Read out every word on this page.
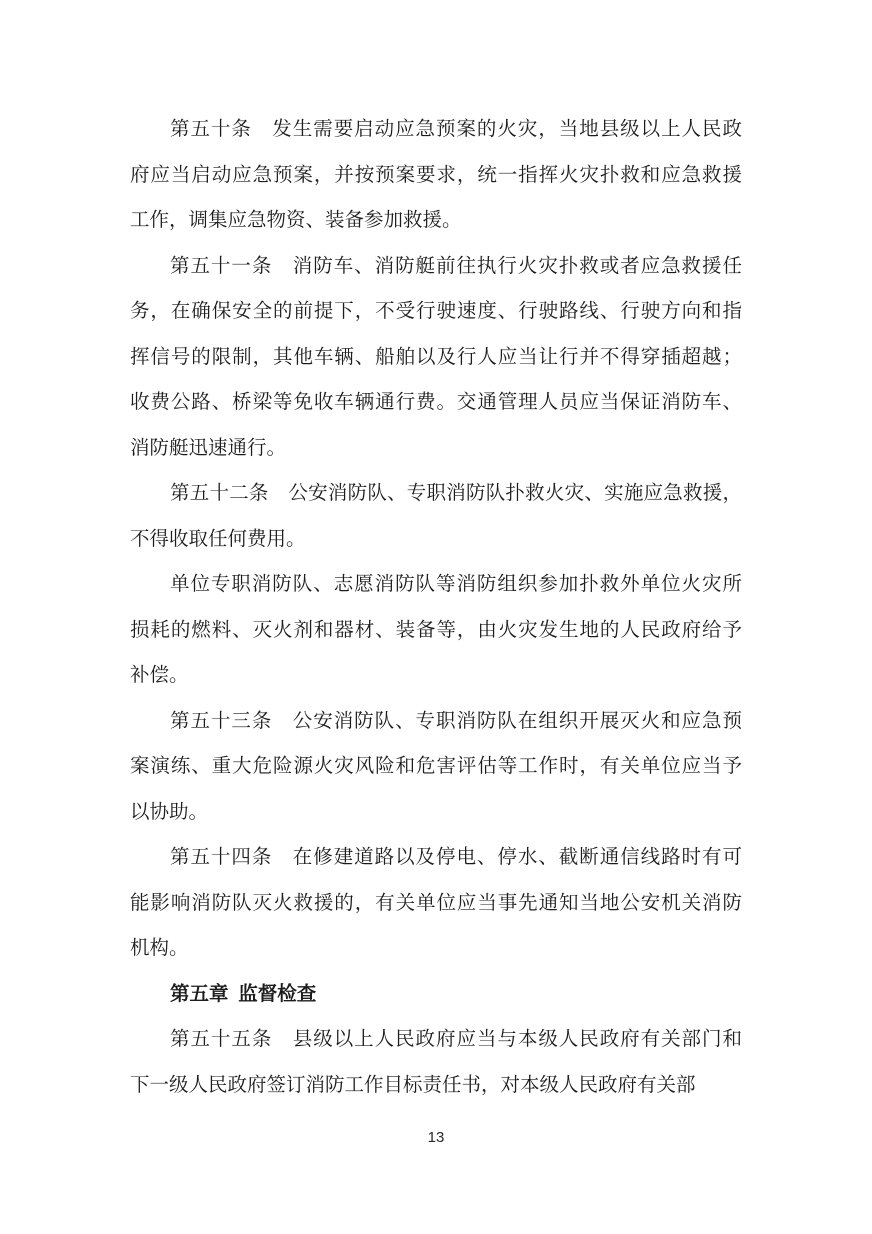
第五十条　发生需要启动应急预案的火灾，当地县级以上人民政
府应当启动应急预案，并按预案要求，统一指挥火灾扑救和应急救援
工作，调集应急物资、装备参加救援。
第五十一条　消防车、消防艇前往执行火灾扑救或者应急救援任
务，在确保安全的前提下，不受行驶速度、行驶路线、行驶方向和指
挥信号的限制，其他车辆、船舶以及行人应当让行并不得穿插超越；
收费公路、桥梁等免收车辆通行费。交通管理人员应当保证消防车、
消防艇迅速通行。
第五十二条　公安消防队、专职消防队扑救火灾、实施应急救援，
不得收取任何费用。
单位专职消防队、志愿消防队等消防组织参加扑救外单位火灾所
损耗的燃料、灭火剂和器材、装备等，由火灾发生地的人民政府给予
补偿。
第五十三条　公安消防队、专职消防队在组织开展灭火和应急预
案演练、重大危险源火灾风险和危害评估等工作时，有关单位应当予
以协助。
第五十四条　在修建道路以及停电、停水、截断通信线路时有可
能影响消防队灭火救援的，有关单位应当事先通知当地公安机关消防
机构。
第五章 监督检查
第五十五条　县级以上人民政府应当与本级人民政府有关部门和
下一级人民政府签订消防工作目标责任书，对本级人民政府有关部
13
